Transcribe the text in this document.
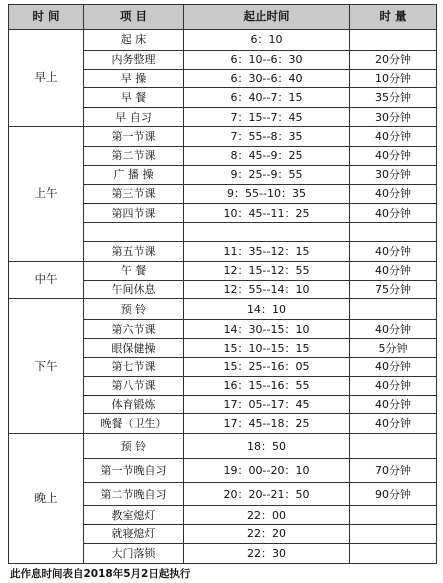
时 间	项 目	起止时间	时 量
早上	起 床	6：10	
	内务整理	6：10--6：30	20分钟
	早 操	6：30--6：40	10分钟
	早 餐	6：40--7：15	35分钟
	早 自习	7：15--7：45	30分钟
上午	第一节课	7：55--8：35	40分钟
	第二节课	8：45--9：25	40分钟
	广 播 操	9：25--9：55	30分钟
	第三节课	9：55--10：35	40分钟
	第四节课	10：45--11：25	40分钟

	第五节课	11：35--12：15	40分钟
中午	午 餐	12：15--12：55	40分钟
	午间休息	12：55--14：10	75分钟
下午	预 铃	14：10	
	第六节课	14：30--15：10	40分钟
	眼保健操	15：10--15：15	5分钟
	第七节课	15：25--16：05	40分钟
	第八节课	16：15--16：55	40分钟
	体育锻炼	17：05--17：45	40分钟
	晚餐（卫生）	17：45--18：25	40分钟
晚上	预 铃	18：50	
	第一节晚自习	19：00--20：10	70分钟
	第二节晚自习	20：20--21：50	90分钟
	教室熄灯	22：00	
	就寝熄灯	22：20	
	大门落锁	22：30	
此作息时间表自2018年5月2日起执行
